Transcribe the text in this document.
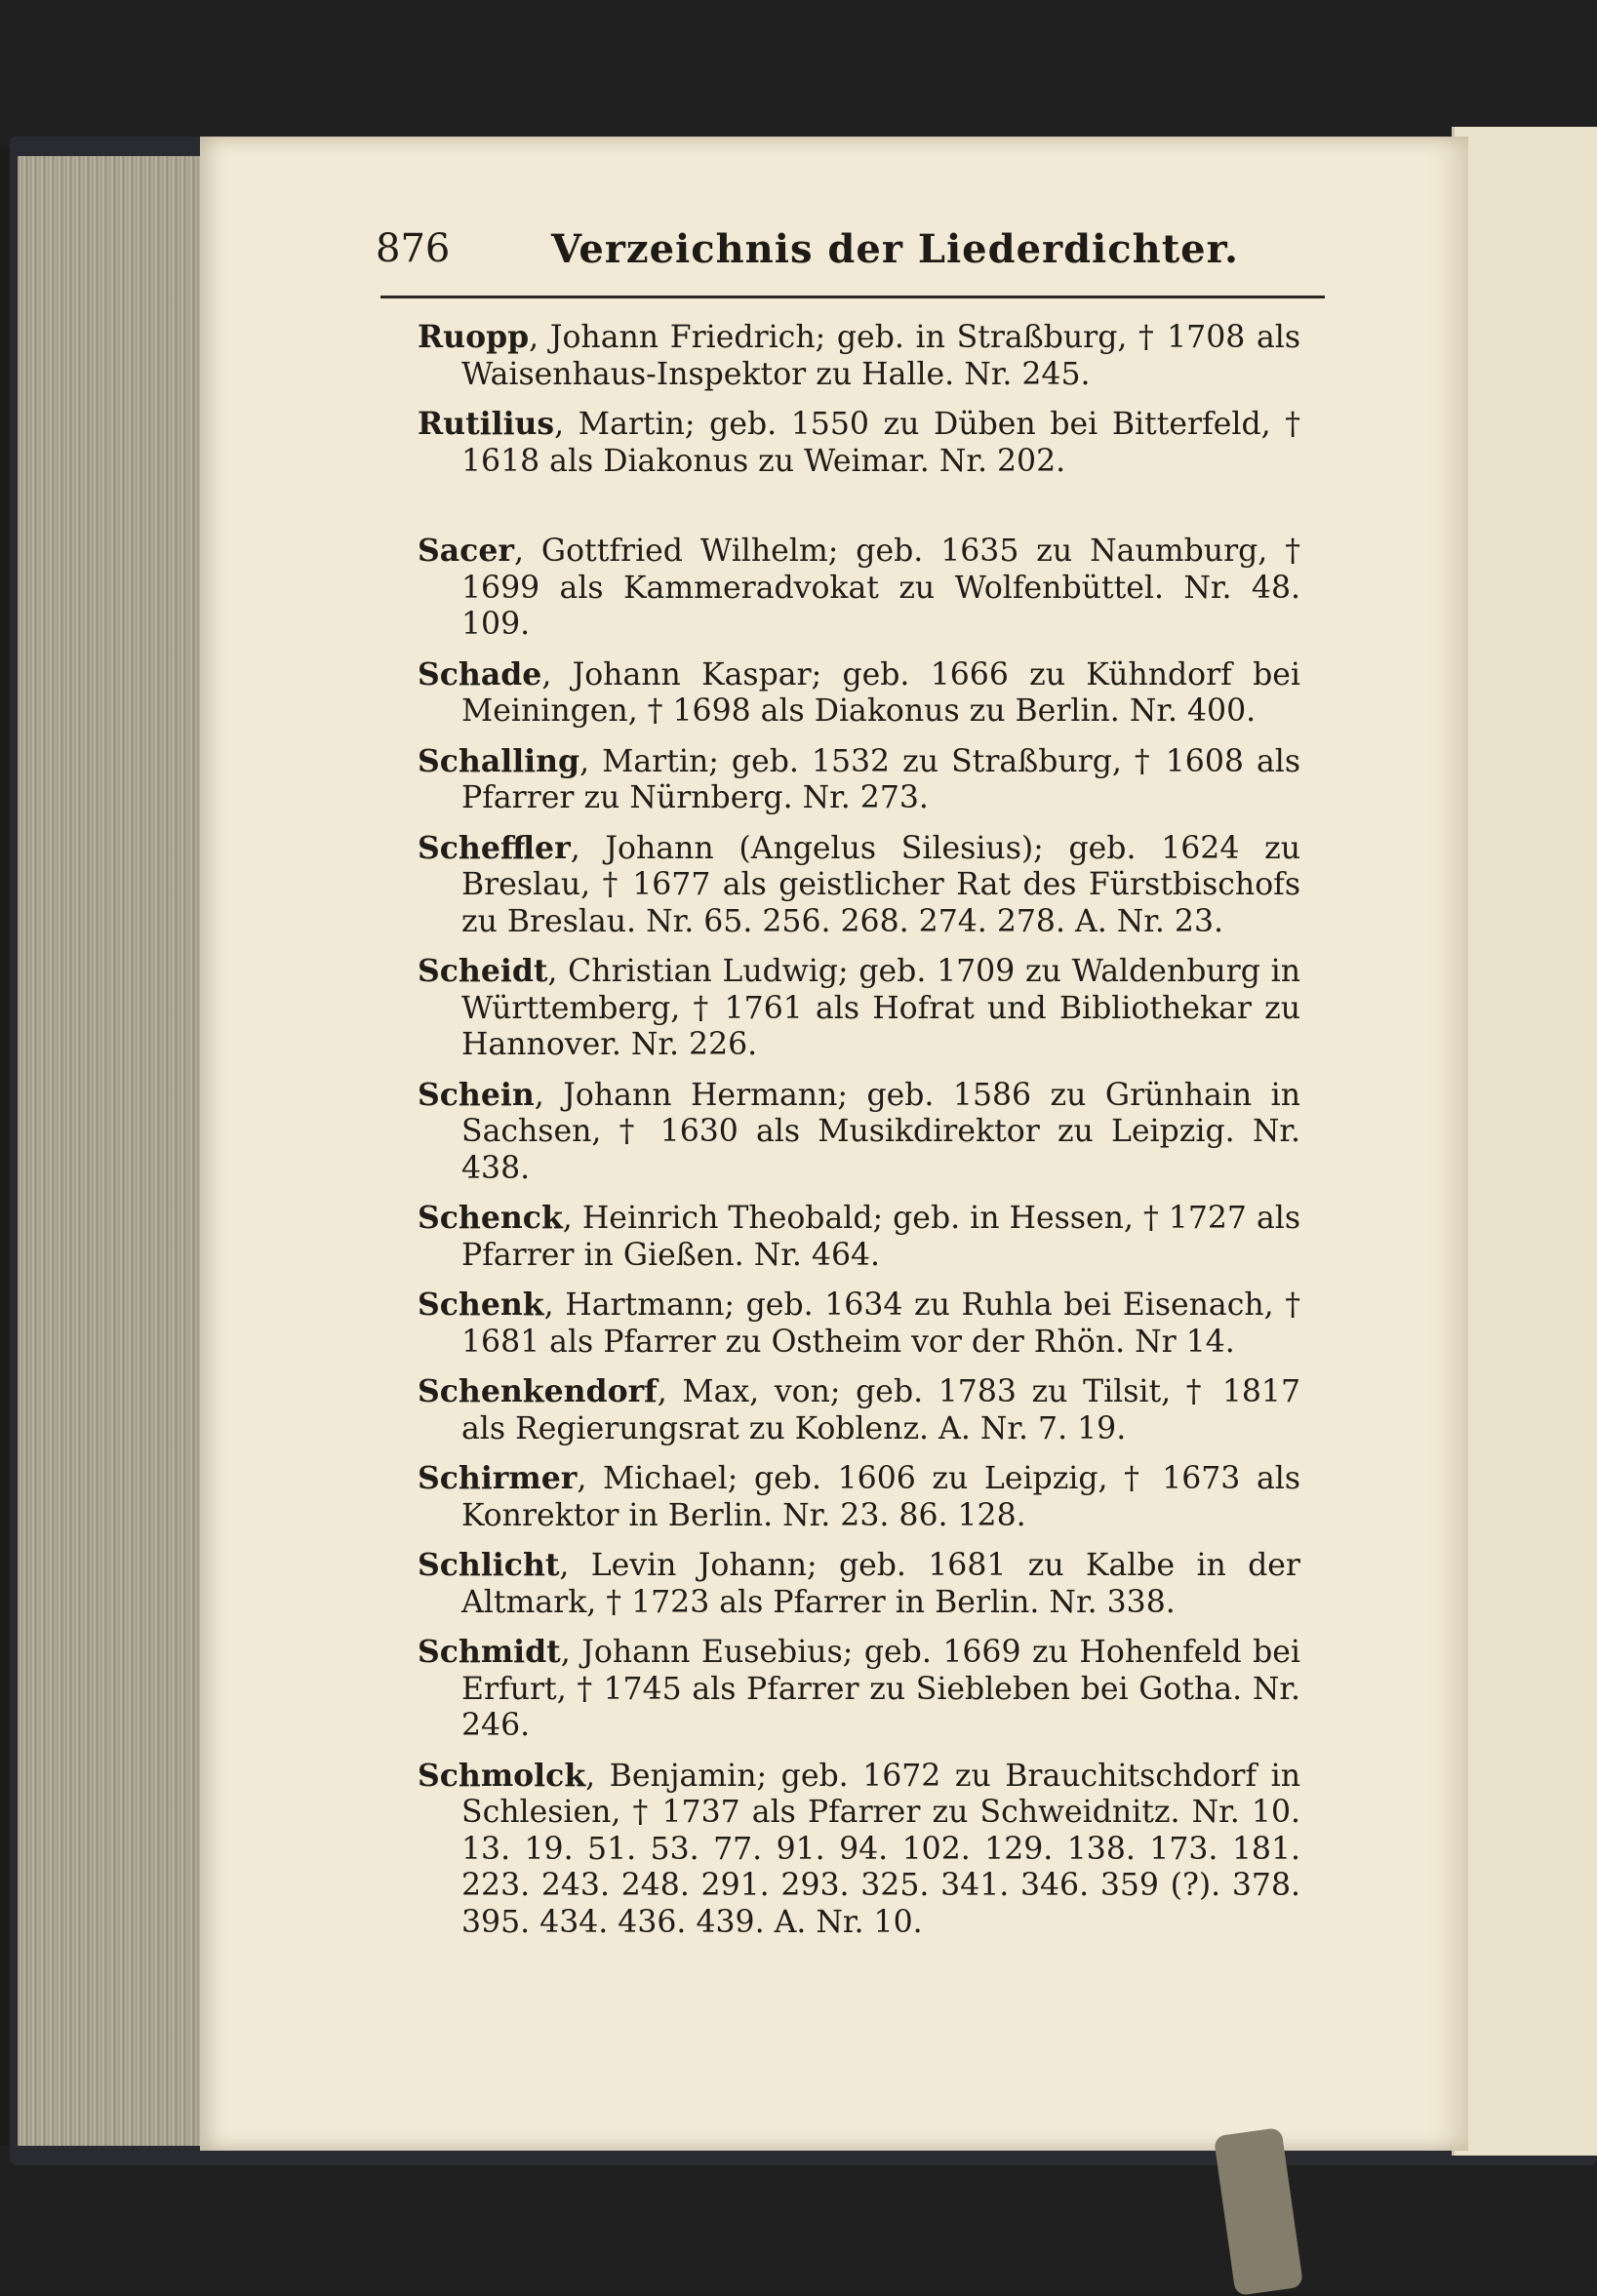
876	Verzeichnis der Liederdichter.
Ruopp, Johann Friedrich; geb. in Straßburg, † 1708 als Waisenhaus-Inspektor zu Halle. Nr. 245.
Rutilius, Martin; geb. 1550 zu Düben bei Bitterfeld, † 1618 als Diakonus zu Weimar. Nr. 202.
Sacer, Gottfried Wilhelm; geb. 1635 zu Naumburg, † 1699 als Kammeradvokat zu Wolfenbüttel. Nr. 48. 109.
Schade, Johann Kaspar; geb. 1666 zu Kühndorf bei Meiningen, † 1698 als Diakonus zu Berlin. Nr. 400.
Schalling, Martin; geb. 1532 zu Straßburg, † 1608 als Pfarrer zu Nürnberg. Nr. 273.
Scheffler, Johann (Angelus Silesius); geb. 1624 zu Breslau, † 1677 als geistlicher Rat des Fürstbischofs zu Breslau. Nr. 65. 256. 268. 274. 278. A. Nr. 23.
Scheidt, Christian Ludwig; geb. 1709 zu Waldenburg in Württemberg, † 1761 als Hofrat und Bibliothekar zu Hannover. Nr. 226.
Schein, Johann Hermann; geb. 1586 zu Grünhain in Sachsen, † 1630 als Musikdirektor zu Leipzig. Nr. 438.
Schenck, Heinrich Theobald; geb. in Hessen, † 1727 als Pfarrer in Gießen. Nr. 464.
Schenk, Hartmann; geb. 1634 zu Ruhla bei Eisenach, † 1681 als Pfarrer zu Ostheim vor der Rhön. Nr 14.
Schenkendorf, Max, von; geb. 1783 zu Tilsit, † 1817 als Regierungsrat zu Koblenz. A. Nr. 7. 19.
Schirmer, Michael; geb. 1606 zu Leipzig, † 1673 als Konrektor in Berlin. Nr. 23. 86. 128.
Schlicht, Levin Johann; geb. 1681 zu Kalbe in der Altmark, † 1723 als Pfarrer in Berlin. Nr. 338.
Schmidt, Johann Eusebius; geb. 1669 zu Hohenfeld bei Erfurt, † 1745 als Pfarrer zu Siebleben bei Gotha. Nr. 246.
Schmolck, Benjamin; geb. 1672 zu Brauchitschdorf in Schlesien, † 1737 als Pfarrer zu Schweidnitz. Nr. 10. 13. 19. 51. 53. 77. 91. 94. 102. 129. 138. 173. 181. 223. 243. 248. 291. 293. 325. 341. 346. 359 (?). 378. 395. 434. 436. 439. A. Nr. 10.
